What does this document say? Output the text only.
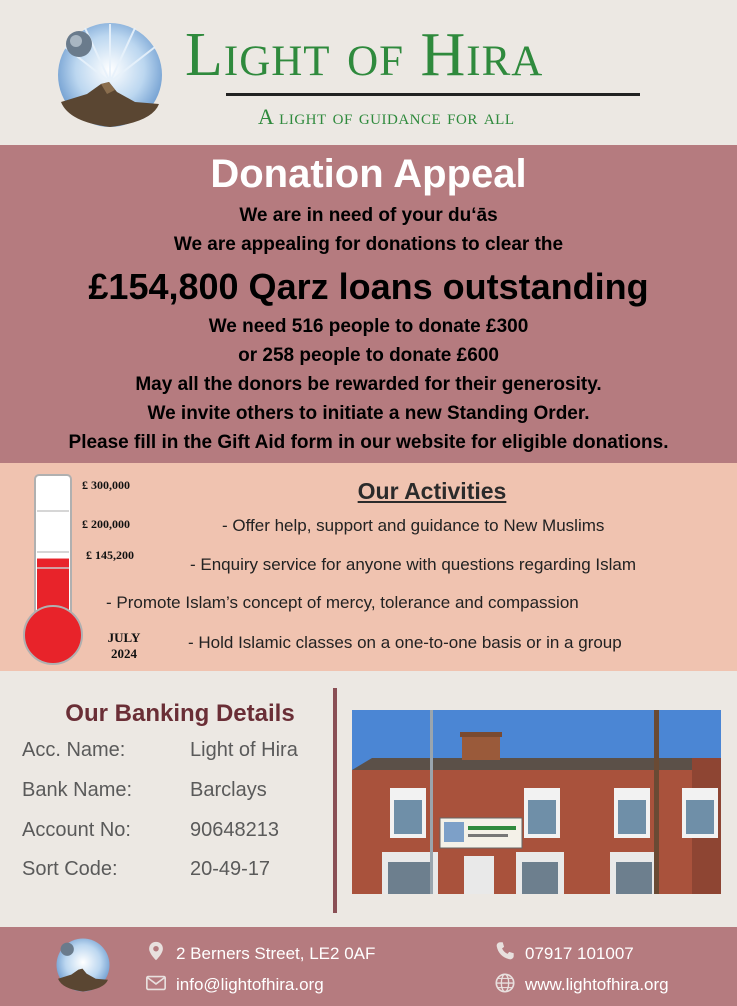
Light of Hira
A light of guidance for all
Donation Appeal
We are in need of your du‘ās
We are appealing for donations to clear the
£154,800 Qarz loans outstanding
We need 516 people to donate £300
or 258 people to donate £600
May all the donors be rewarded for their generosity.
We invite others to initiate a new Standing Order.
Please fill in the Gift Aid form in our website for eligible donations.
£ 300,000
£ 200,000
£ 145,200
JULY
2024
Our Activities
- Offer help, support and guidance to New Muslims
- Enquiry service for anyone with questions regarding Islam
- Promote Islam’s concept of mercy, tolerance and compassion
- Hold Islamic classes on a one-to-one basis or in a group
Our Banking Details
Acc. Name:	Light of Hira
Bank Name:	Barclays
Account No:	90648213
Sort Code:	20-49-17
2 Berners Street, LE2 0AF	07917 101007
info@lightofhira.org	www.lightofhira.org
